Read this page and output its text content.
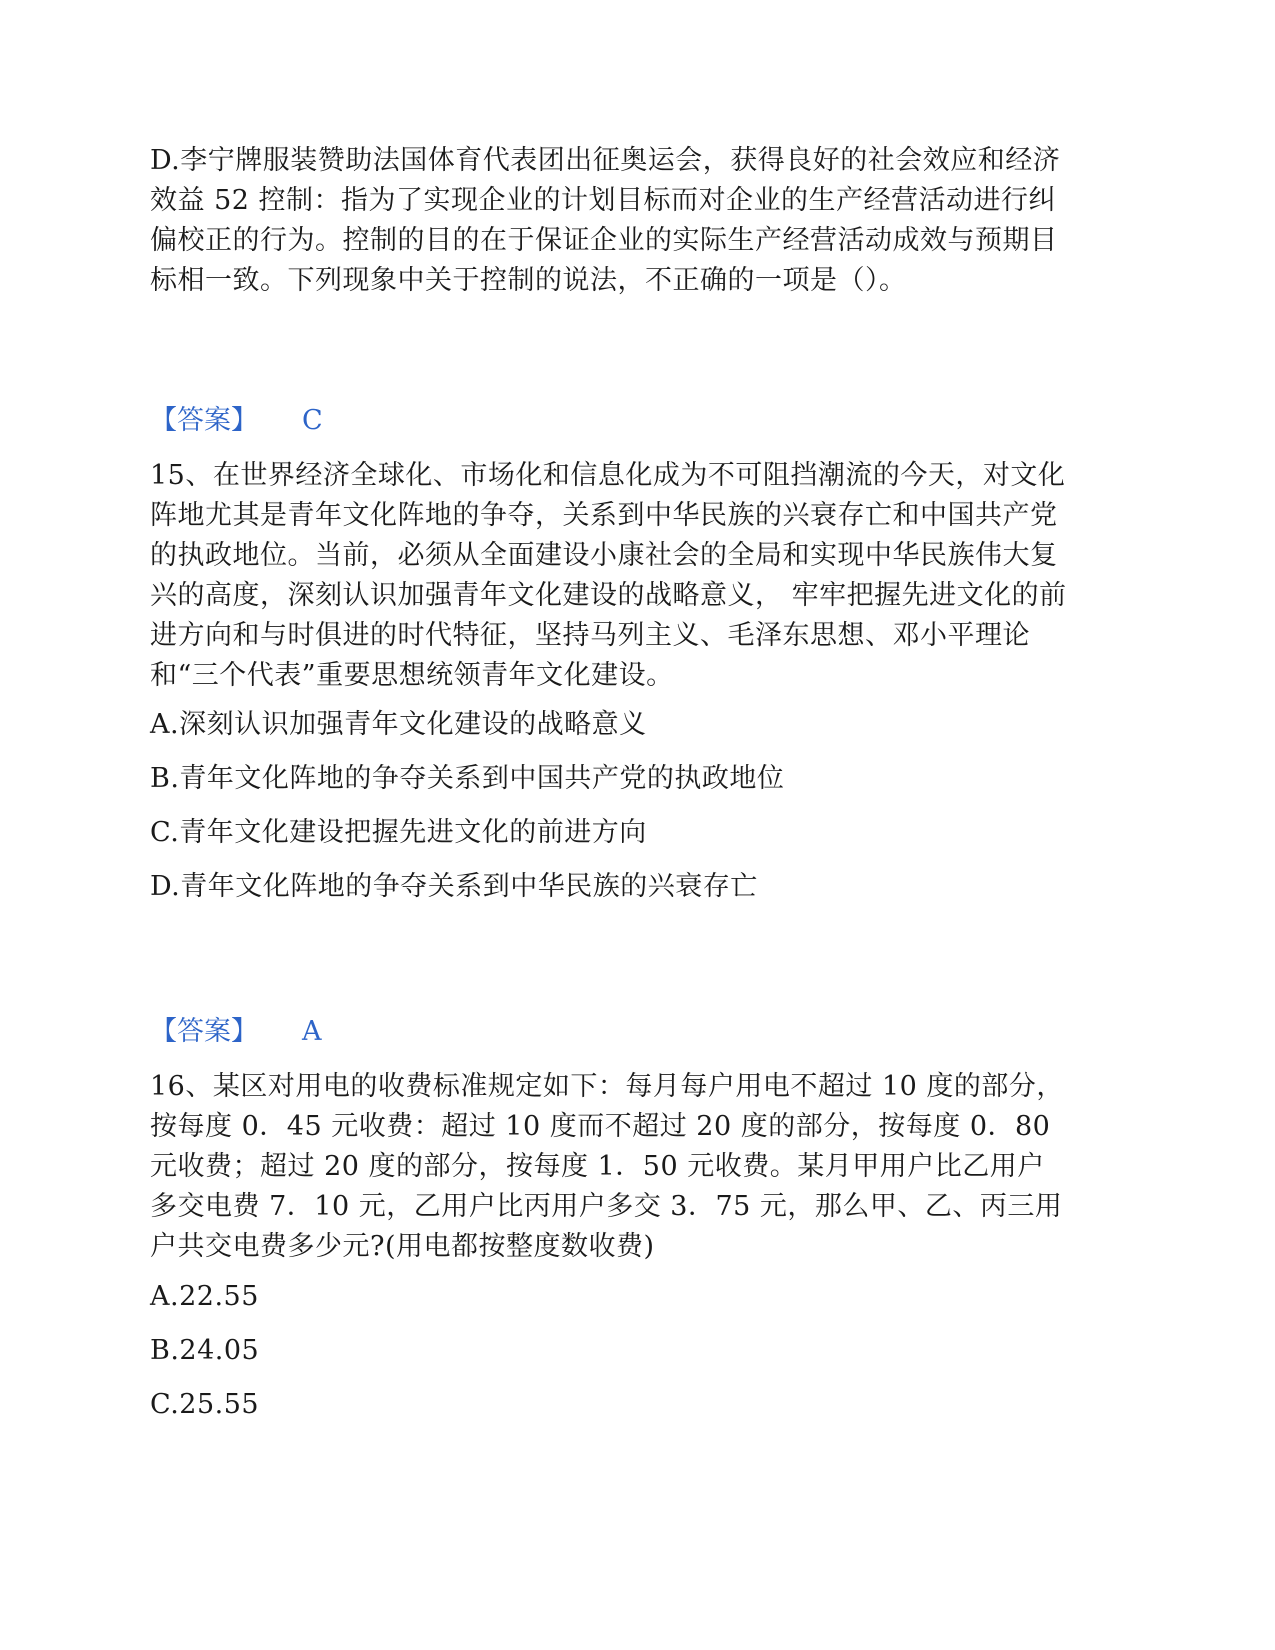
D.李宁牌服装赞助法国体育代表团出征奥运会，获得良好的社会效应和经济效益 52 控制：指为了实现企业的计划目标而对企业的生产经营活动进行纠偏校正的行为。控制的目的在于保证企业的实际生产经营活动成效与预期目标相一致。下列现象中关于控制的说法，不正确的一项是（）。

【答案】 C

15、在世界经济全球化、市场化和信息化成为不可阻挡潮流的今天，对文化阵地尤其是青年文化阵地的争夺，关系到中华民族的兴衰存亡和中国共产党的执政地位。当前，必须从全面建设小康社会的全局和实现中华民族伟大复兴的高度，深刻认识加强青年文化建设的战略意义， 牢牢把握先进文化的前进方向和与时俱进的时代特征，坚持马列主义、毛泽东思想、邓小平理论和“三个代表”重要思想统领青年文化建设。

A.深刻认识加强青年文化建设的战略意义

B.青年文化阵地的争夺关系到中国共产党的执政地位

C.青年文化建设把握先进文化的前进方向

D.青年文化阵地的争夺关系到中华民族的兴衰存亡

【答案】 A

16、某区对用电的收费标准规定如下：每月每户用电不超过 10 度的部分，按每度 0．45 元收费：超过 10 度而不超过 20 度的部分，按每度 0．80 元收费；超过 20 度的部分，按每度 1．50 元收费。某月甲用户比乙用户多交电费 7．10 元，乙用户比丙用户多交 3．75 元，那么甲、乙、丙三用户共交电费多少元?(用电都按整度数收费)

A.22.55

B.24.05

C.25.55
